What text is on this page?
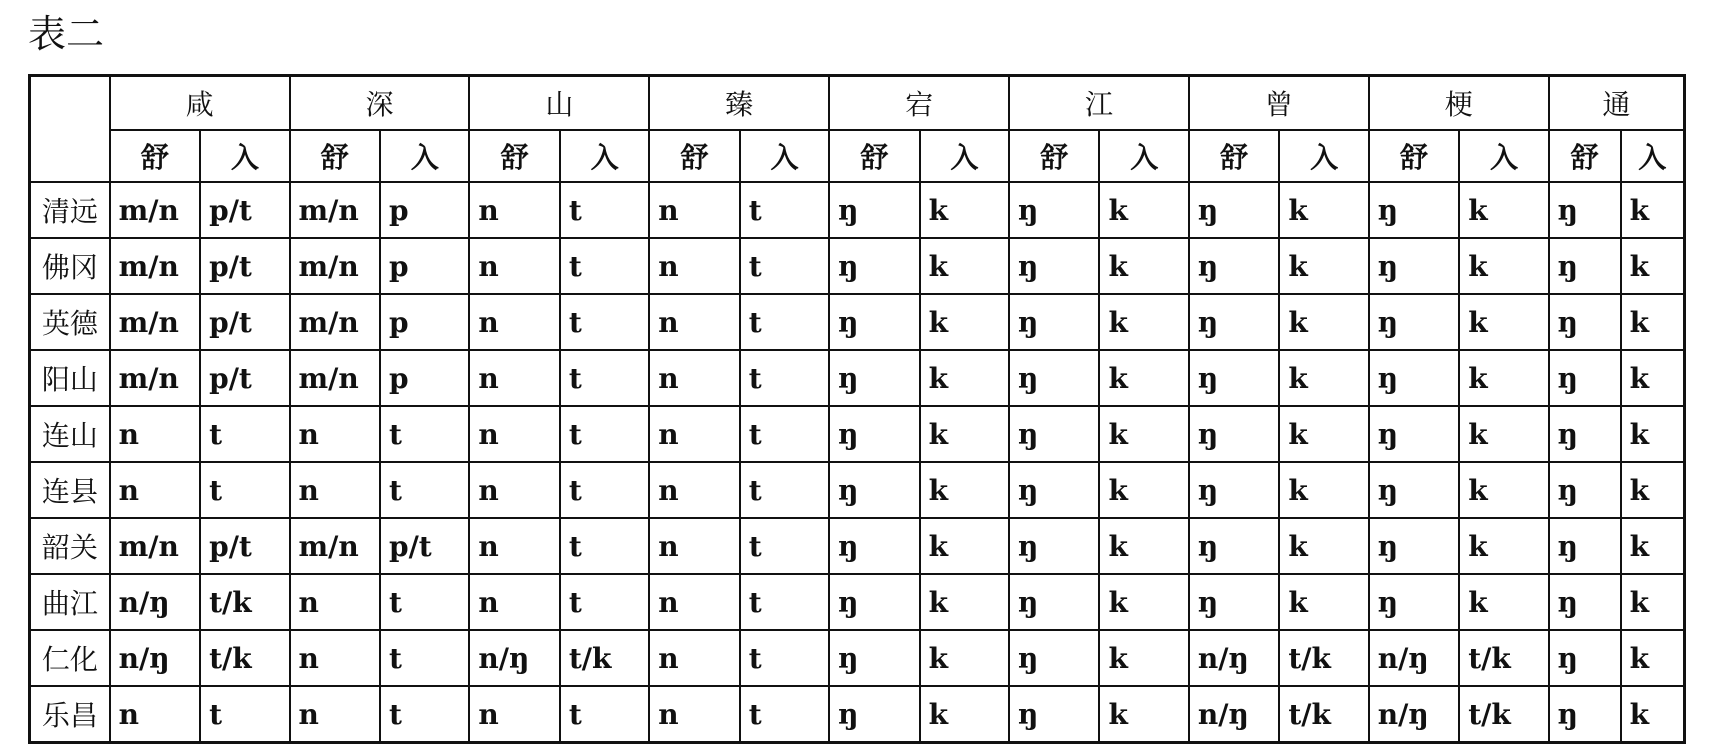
表二
	咸		深		山		臻		宕		江		曾		梗		通	
	舒	入	舒	入	舒	入	舒	入	舒	入	舒	入	舒	入	舒	入	舒	入
清远	m/n	p/t	m/n	p	n	t	n	t	ŋ	k	ŋ	k	ŋ	k	ŋ	k	ŋ	k
佛冈	m/n	p/t	m/n	p	n	t	n	t	ŋ	k	ŋ	k	ŋ	k	ŋ	k	ŋ	k
英德	m/n	p/t	m/n	p	n	t	n	t	ŋ	k	ŋ	k	ŋ	k	ŋ	k	ŋ	k
阳山	m/n	p/t	m/n	p	n	t	n	t	ŋ	k	ŋ	k	ŋ	k	ŋ	k	ŋ	k
连山	n	t	n	t	n	t	n	t	ŋ	k	ŋ	k	ŋ	k	ŋ	k	ŋ	k
连县	n	t	n	t	n	t	n	t	ŋ	k	ŋ	k	ŋ	k	ŋ	k	ŋ	k
韶关	m/n	p/t	m/n	p/t	n	t	n	t	ŋ	k	ŋ	k	ŋ	k	ŋ	k	ŋ	k
曲江	n/ŋ	t/k	n	t	n	t	n	t	ŋ	k	ŋ	k	ŋ	k	ŋ	k	ŋ	k
仁化	n/ŋ	t/k	n	t	n/ŋ	t/k	n	t	ŋ	k	ŋ	k	n/ŋ	t/k	n/ŋ	t/k	ŋ	k
乐昌	n	t	n	t	n	t	n	t	ŋ	k	ŋ	k	n/ŋ	t/k	n/ŋ	t/k	ŋ	k
